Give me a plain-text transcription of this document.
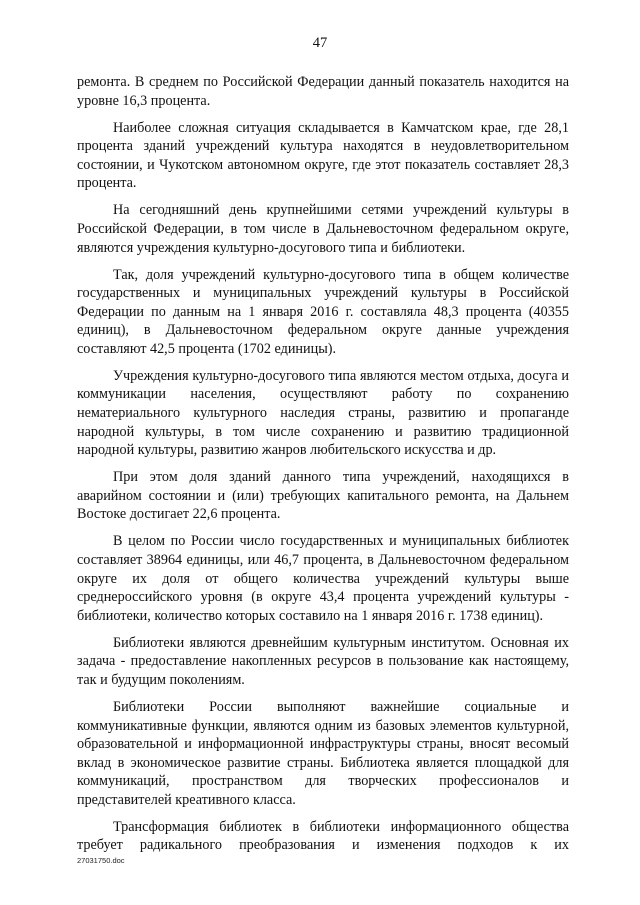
47

ремонта. В среднем по Российской Федерации данный показатель находится на уровне 16,3 процента.

Наиболее сложная ситуация складывается в Камчатском крае, где 28,1 процента зданий учреждений культура находятся в неудовлетворительном состоянии, и Чукотском автономном округе, где этот показатель составляет 28,3 процента.

На сегодняшний день крупнейшими сетями учреждений культуры в Российской Федерации, в том числе в Дальневосточном федеральном округе, являются учреждения культурно-досугового типа и библиотеки.

Так, доля учреждений культурно-досугового типа в общем количестве государственных и муниципальных учреждений культуры в Российской Федерации по данным на 1 января 2016 г. составляла 48,3 процента (40355 единиц), в Дальневосточном федеральном округе данные учреждения составляют 42,5 процента (1702 единицы).

Учреждения культурно-досугового типа являются местом отдыха, досуга и коммуникации населения, осуществляют работу по сохранению нематериального культурного наследия страны, развитию и пропаганде народной культуры, в том числе сохранению и развитию традиционной народной культуры, развитию жанров любительского искусства и др.

При этом доля зданий данного типа учреждений, находящихся в аварийном состоянии и (или) требующих капитального ремонта, на Дальнем Востоке достигает 22,6 процента.

В целом по России число государственных и муниципальных библиотек составляет 38964 единицы, или 46,7 процента, в Дальневосточном федеральном округе их доля от общего количества учреждений культуры выше среднероссийского уровня (в округе 43,4 процента учреждений культуры - библиотеки, количество которых составило на 1 января 2016 г. 1738 единиц).

Библиотеки являются древнейшим культурным институтом. Основная их задача - предоставление накопленных ресурсов в пользование как настоящему, так и будущим поколениям.

Библиотеки России выполняют важнейшие социальные и коммуникативные функции, являются одним из базовых элементов культурной, образовательной и информационной инфраструктуры страны, вносят весомый вклад в экономическое развитие страны. Библиотека является площадкой для коммуникаций, пространством для творческих профессионалов и представителей креативного класса.

Трансформация библиотек в библиотеки информационного общества требует радикального преобразования и изменения подходов к их

27031750.doc
